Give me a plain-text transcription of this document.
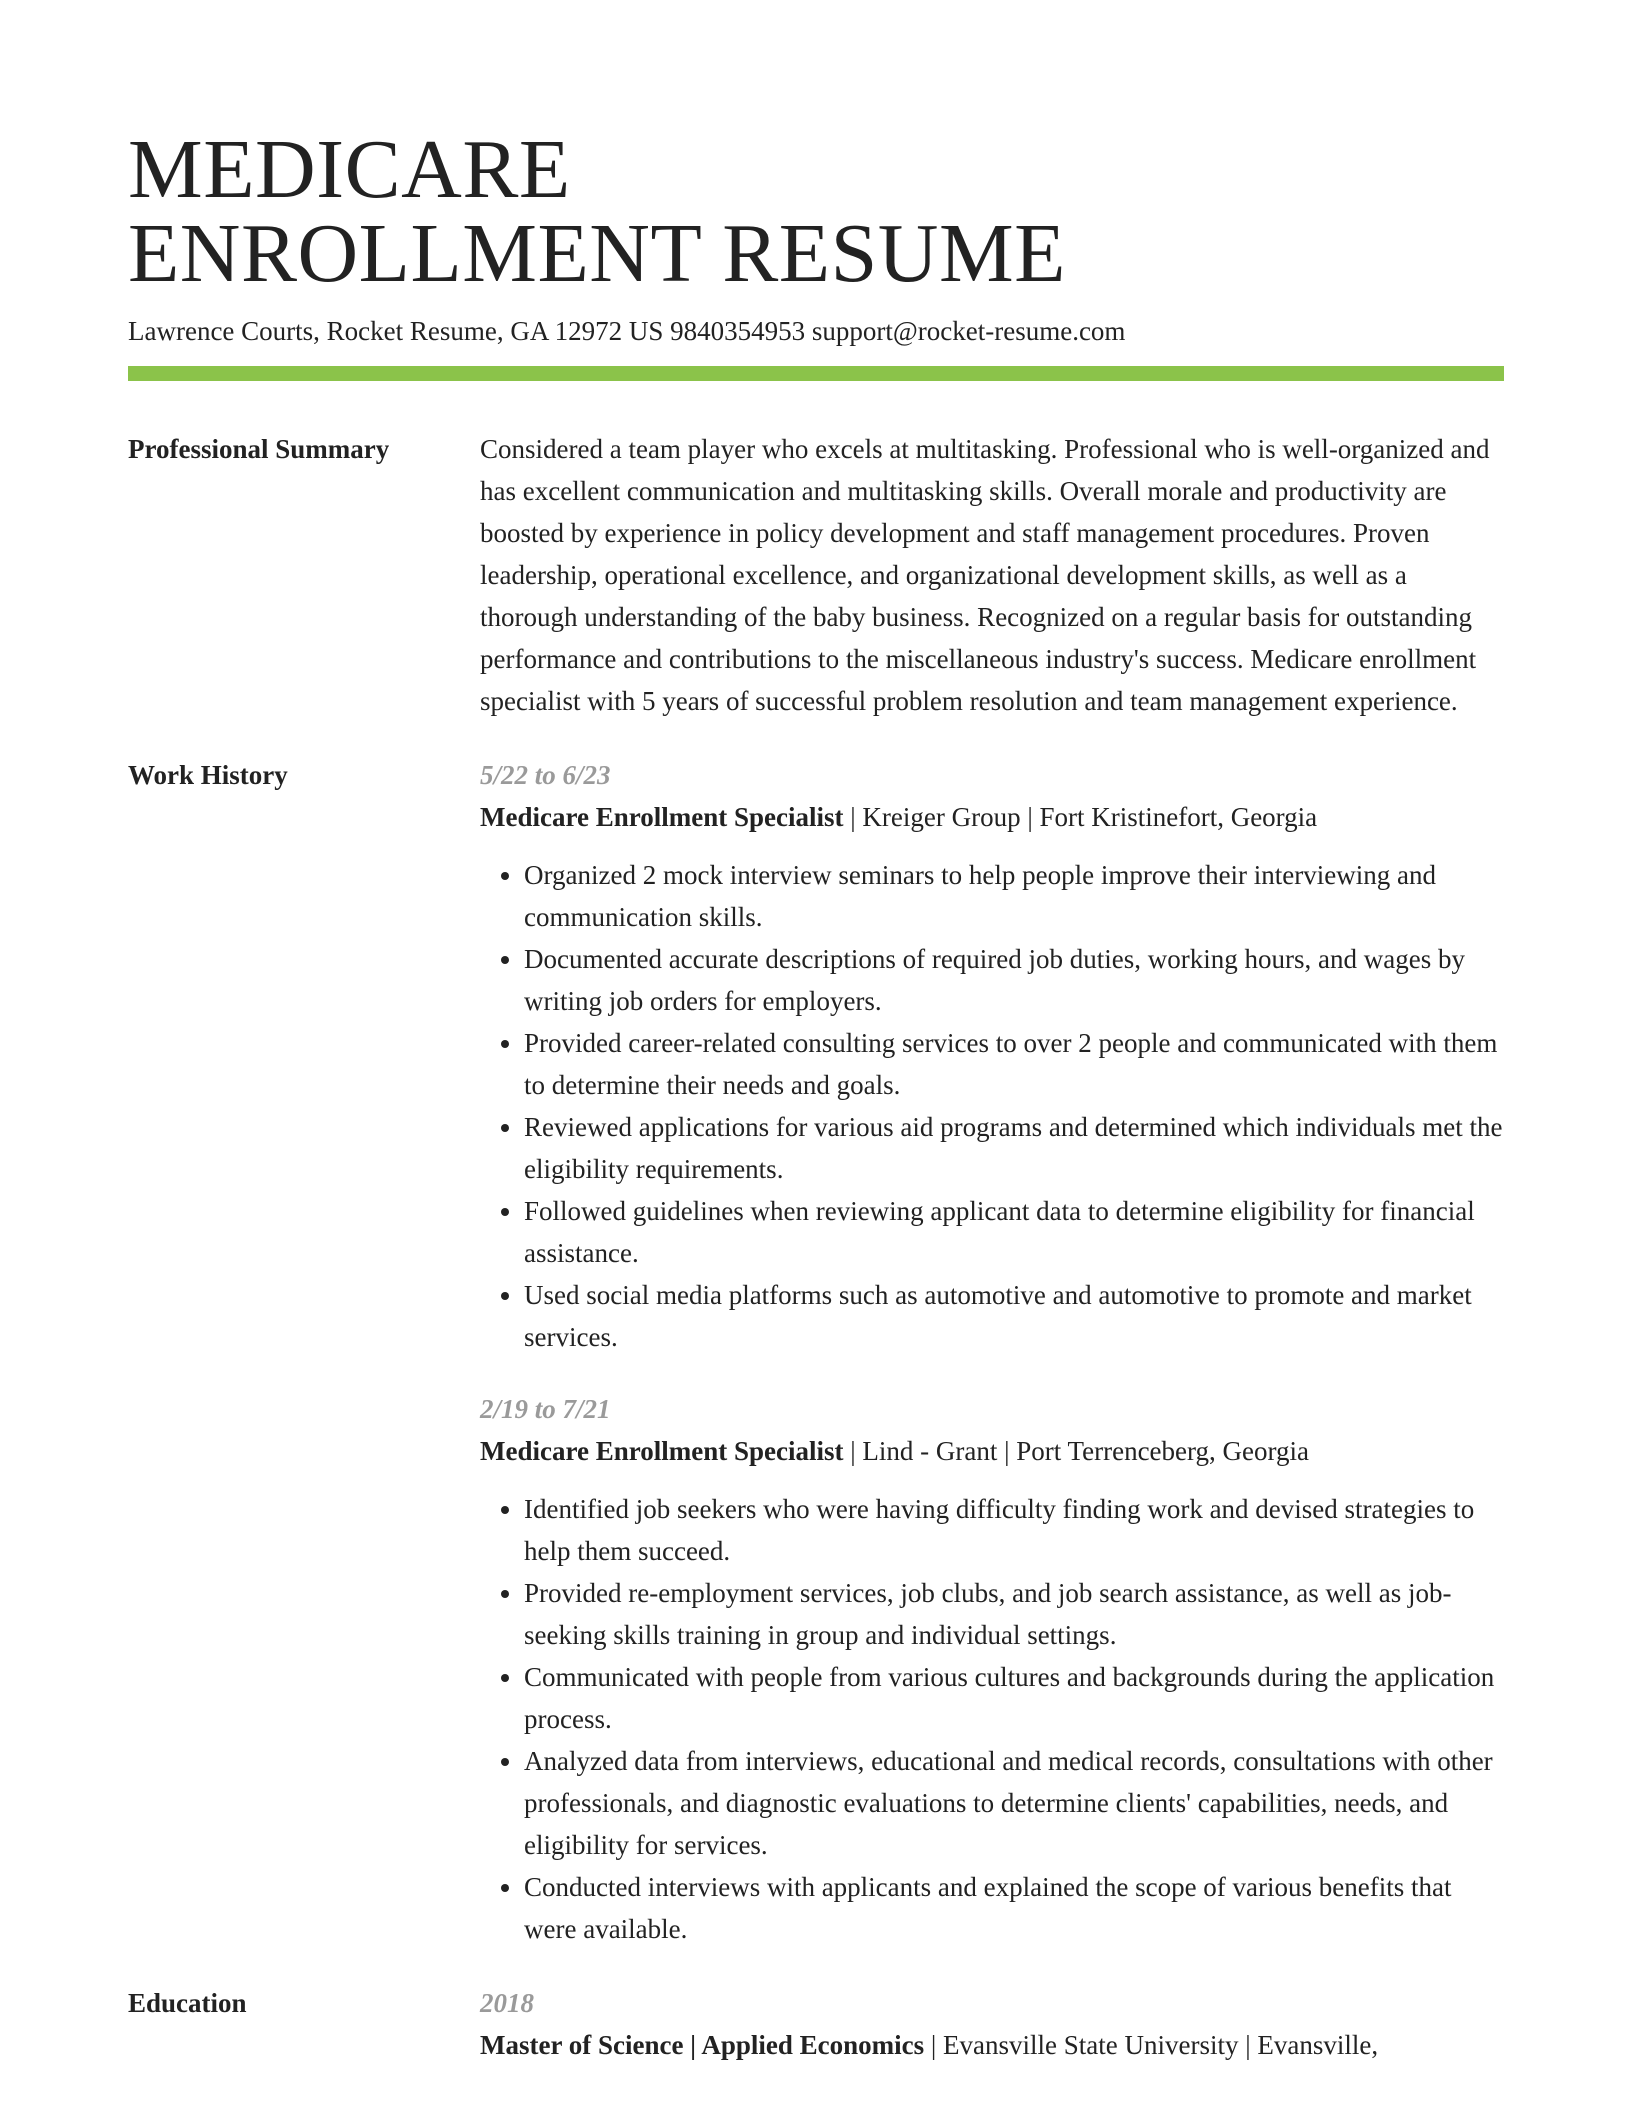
MEDICARE
ENROLLMENT RESUME
Lawrence Courts, Rocket Resume, GA 12972 US 9840354953 support@rocket-resume.com
Professional Summary	Considered a team player who excels at multitasking. Professional who is well-organized and has excellent communication and multitasking skills. Overall morale and productivity are boosted by experience in policy development and staff management procedures. Proven leadership, operational excellence, and organizational development skills, as well as a thorough understanding of the baby business. Recognized on a regular basis for outstanding performance and contributions to the miscellaneous industry's success. Medicare enrollment specialist with 5 years of successful problem resolution and team management experience.

Work History	5/22 to 6/23
Medicare Enrollment Specialist | Kreiger Group | Fort Kristinefort, Georgia
• Organized 2 mock interview seminars to help people improve their interviewing and communication skills.
• Documented accurate descriptions of required job duties, working hours, and wages by writing job orders for employers.
• Provided career-related consulting services to over 2 people and communicated with them to determine their needs and goals.
• Reviewed applications for various aid programs and determined which individuals met the eligibility requirements.
• Followed guidelines when reviewing applicant data to determine eligibility for financial assistance.
• Used social media platforms such as automotive and automotive to promote and market services.
2/19 to 7/21
Medicare Enrollment Specialist | Lind - Grant | Port Terrenceberg, Georgia
• Identified job seekers who were having difficulty finding work and devised strategies to help them succeed.
• Provided re-employment services, job clubs, and job search assistance, as well as job-seeking skills training in group and individual settings.
• Communicated with people from various cultures and backgrounds during the application process.
• Analyzed data from interviews, educational and medical records, consultations with other professionals, and diagnostic evaluations to determine clients' capabilities, needs, and eligibility for services.
• Conducted interviews with applicants and explained the scope of various benefits that were available.
Education	2018
Master of Science | Applied Economics | Evansville State University | Evansville,
